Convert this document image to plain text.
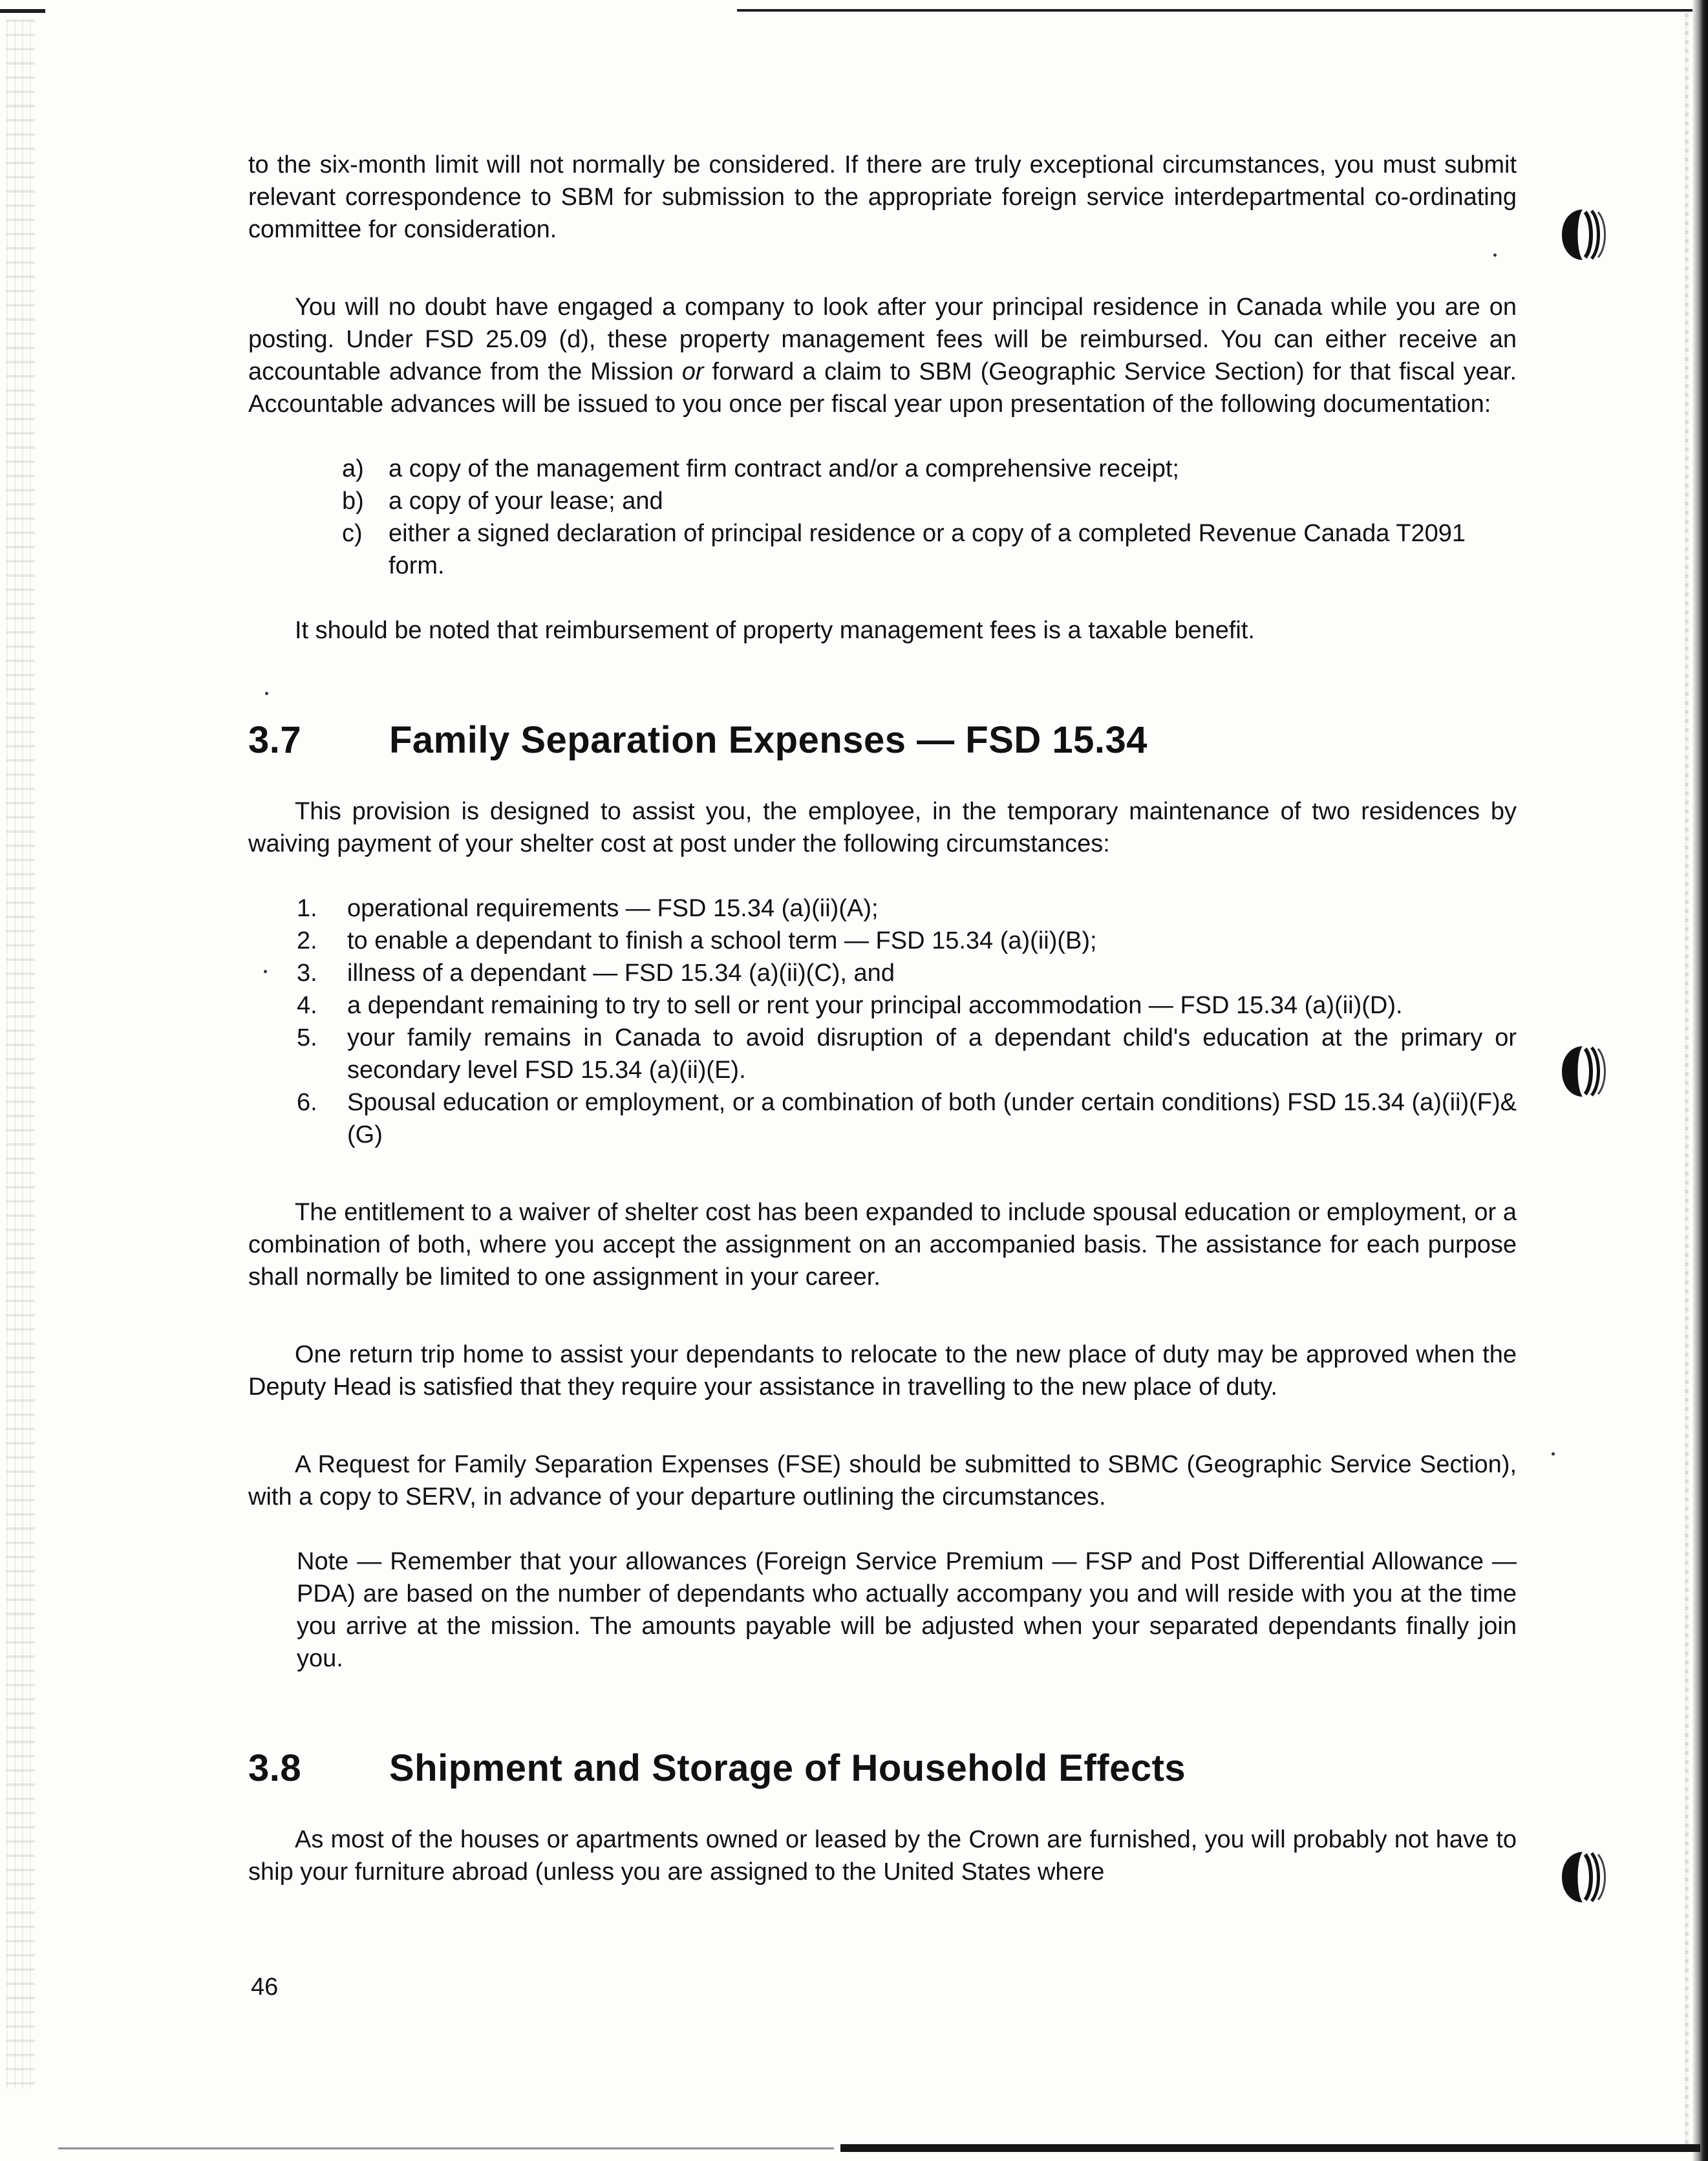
to the six-month limit will not normally be considered. If there are truly exceptional circumstances, you must submit relevant correspondence to SBM for submission to the appropriate foreign service interdepartmental co-ordinating committee for consideration.

You will no doubt have engaged a company to look after your principal residence in Canada while you are on posting. Under FSD 25.09 (d), these property management fees will be reimbursed. You can either receive an accountable advance from the Mission or forward a claim to SBM (Geographic Service Section) for that fiscal year. Accountable advances will be issued to you once per fiscal year upon presentation of the following documentation:

a)	a copy of the management firm contract and/or a comprehensive receipt;
b)	a copy of your lease; and
c)	either a signed declaration of principal residence or a copy of a completed Revenue Canada T2091 form.

It should be noted that reimbursement of property management fees is a taxable benefit.

3.7	Family Separation Expenses — FSD 15.34

This provision is designed to assist you, the employee, in the temporary maintenance of two residences by waiving payment of your shelter cost at post under the following circumstances:

1.	operational requirements — FSD 15.34 (a)(ii)(A);
2.	to enable a dependant to finish a school term — FSD 15.34 (a)(ii)(B);
3.	illness of a dependant — FSD 15.34 (a)(ii)(C), and
4.	a dependant remaining to try to sell or rent your principal accommodation — FSD 15.34 (a)(ii)(D).
5.	your family remains in Canada to avoid disruption of a dependant child's education at the primary or secondary level FSD 15.34 (a)(ii)(E).
6.	Spousal education or employment, or a combination of both (under certain conditions) FSD 15.34 (a)(ii)(F)&(G)

The entitlement to a waiver of shelter cost has been expanded to include spousal education or employment, or a combination of both, where you accept the assignment on an accompanied basis. The assistance for each purpose shall normally be limited to one assignment in your career.

One return trip home to assist your dependants to relocate to the new place of duty may be approved when the Deputy Head is satisfied that they require your assistance in travelling to the new place of duty.

A Request for Family Separation Expenses (FSE) should be submitted to SBMC (Geographic Service Section), with a copy to SERV, in advance of your departure outlining the circumstances.

Note — Remember that your allowances (Foreign Service Premium — FSP and Post Differential Allowance — PDA) are based on the number of dependants who actually accompany you and will reside with you at the time you arrive at the mission. The amounts payable will be adjusted when your separated dependants finally join you.

3.8	Shipment and Storage of Household Effects

As most of the houses or apartments owned or leased by the Crown are furnished, you will probably not have to ship your furniture abroad (unless you are assigned to the United States where

46
